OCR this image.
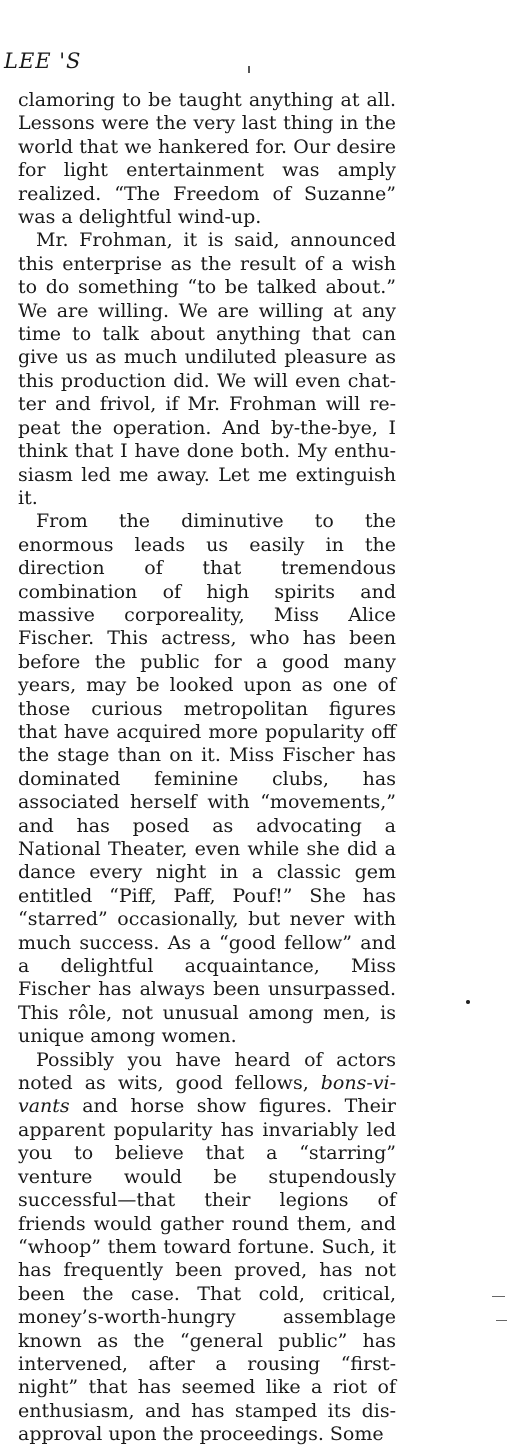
LEE 'S

clamoring to be taught anything at all. Lessons were the very last thing in the world that we hankered for. Our desire for light entertainment was amply realized. “The Freedom of Suzanne” was a delightful wind-up.

Mr. Frohman, it is said, announced this enterprise as the result of a wish to do something “to be talked about.” We are willing. We are willing at any time to talk about anything that can give us as much undiluted pleasure as this production did. We will even chatter and frivol, if Mr. Frohman will repeat the operation. And by-the-bye, I think that I have done both. My enthusiasm led me away. Let me extinguish it.

From the diminutive to the enormous leads us easily in the direction of that tremendous combination of high spirits and massive corporeality, Miss Alice Fischer. This actress, who has been before the public for a good many years, may be looked upon as one of those curious metropolitan figures that have acquired more popularity off the stage than on it. Miss Fischer has dominated feminine clubs, has associated herself with “movements,” and has posed as advocating a National Theater, even while she did a dance every night in a classic gem entitled “Piff, Paff, Pouf!” She has “starred” occasionally, but never with much success. As a “good fellow” and a delightful acquaintance, Miss Fischer has always been unsurpassed. This rôle, not unusual among men, is unique among women.

Possibly you have heard of actors noted as wits, good fellows, bons-vivants and horse show figures. Their apparent popularity has invariably led you to believe that a “starring” venture would be stupendously successful—that their legions of friends would gather round them, and “whoop” them toward fortune. Such, it has frequently been proved, has not been the case. That cold, critical, money’s-worth-hungry assemblage known as the “general public” has intervened, after a rousing “first-night” that has seemed like a riot of enthusiasm, and has stamped its disapproval upon the proceedings. Some
